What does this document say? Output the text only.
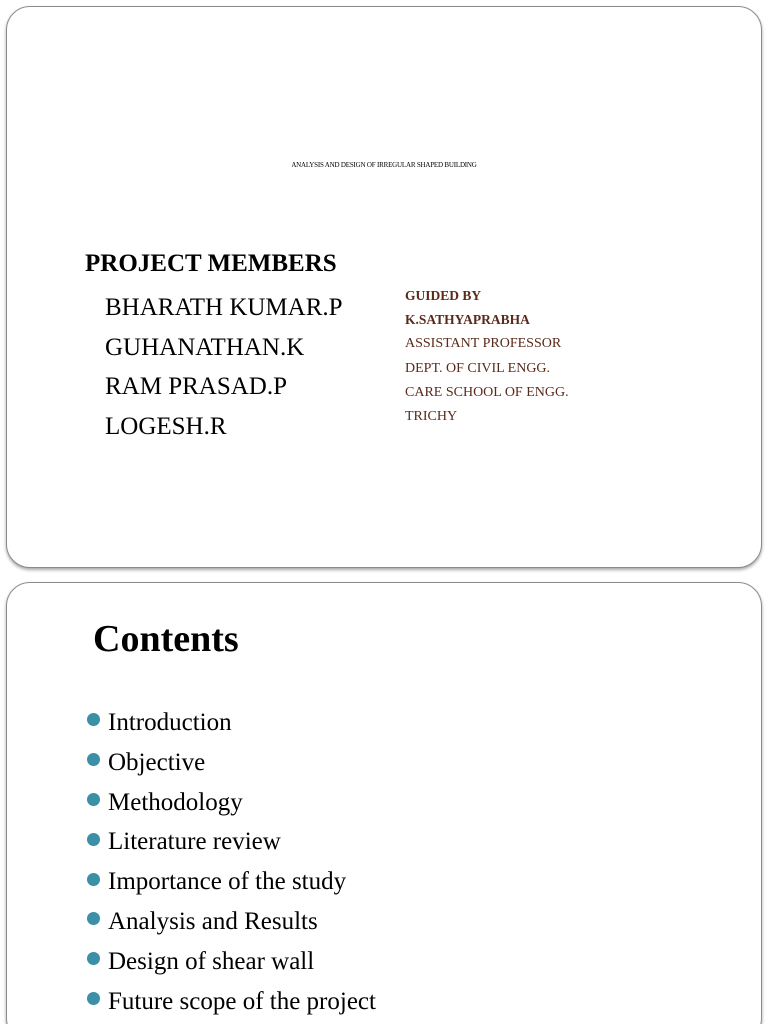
ANALYSIS AND DESIGN OF IRREGULAR SHAPED BUILDING
PROJECT MEMBERS
BHARATH KUMAR.P
GUHANATHAN.K
RAM PRASAD.P
LOGESH.R
GUIDED BY
K.SATHYAPRABHA
ASSISTANT PROFESSOR
DEPT. OF CIVIL ENGG.
CARE SCHOOL OF ENGG.
TRICHY
Contents
Introduction
Objective
Methodology
Literature review
Importance of the study
Analysis and Results
Design of shear wall
Future scope of the project
